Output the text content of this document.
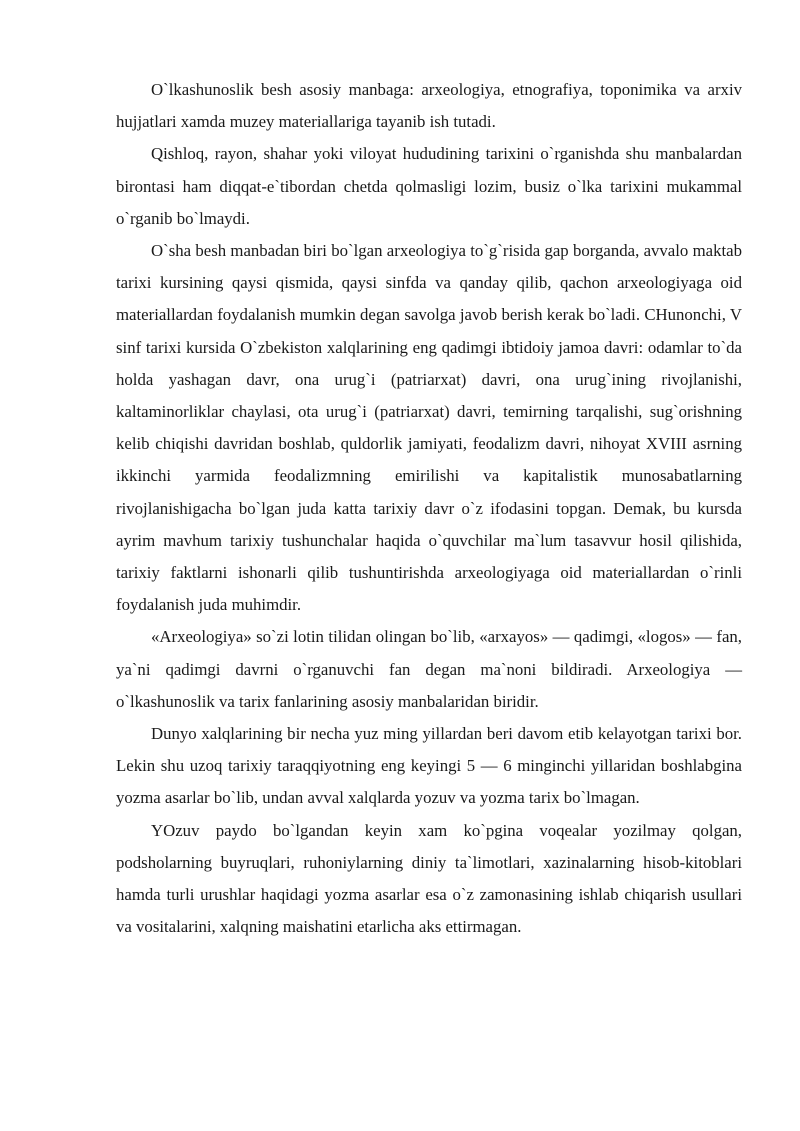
O`lkashunoslik besh asosiy manbaga: arxeologiya, etnografiya, toponimika va arxiv hujjatlari xamda muzey materiallariga tayanib ish tutadi.

Qishloq, rayon, shahar yoki viloyat hududining tarixini o`rganishda shu manbalardan birontasi ham diqqat-e`tibordan chetda qolmasligi lozim, busiz o`lka tarixini mukammal o`rganib bo`lmaydi.

O`sha besh manbadan biri bo`lgan arxeologiya to`g`risida gap borganda, avvalo maktab tarixi kursining qaysi qismida, qaysi sinfda va qanday qilib, qachon arxeologiyaga oid materiallardan foydalanish mumkin degan savolga javob berish kerak bo`ladi. CHunonchi, V sinf tarixi kursida O`zbekiston xalqlarining eng qadimgi ibtidoiy jamoa davri: odamlar to`da holda yashagan davr, ona urug`i (patriarxat) davri, ona urug`ining rivojlanishi, kaltaminorliklar chaylasi, ota urug`i (patriarxat) davri, temirning tarqalishi, sug`orishning kelib chiqishi davridan boshlab, quldorlik jamiyati, feodalizm davri, nihoyat XVIII asrning ikkinchi yarmida feodalizmning emirilishi va kapitalistik munosabatlarning rivojlanishigacha bo`lgan juda katta tarixiy davr o`z ifodasini topgan. Demak, bu kursda ayrim mavhum tarixiy tushunchalar haqida o`quvchilar ma`lum tasavvur hosil qilishida, tarixiy faktlarni ishonarli qilib tushuntirishda arxeologiyaga oid materiallardan o`rinli foydalanish juda muhimdir.

«Arxeologiya» so`zi lotin tilidan olingan bo`lib, «arxayos» — qadimgi, «logos» — fan, ya`ni qadimgi davrni o`rganuvchi fan degan ma`noni bildiradi. Arxeologiya — o`lkashunoslik va tarix fanlarining asosiy manbalaridan biridir.

Dunyo xalqlarining bir necha yuz ming yillardan beri davom etib kelayotgan tarixi bor. Lekin shu uzoq tarixiy taraqqiyotning eng keyingi 5 — 6 minginchi yillaridan boshlabgina yozma asarlar bo`lib, undan avval xalqlarda yozuv va yozma tarix bo`lmagan.

YOzuv paydo bo`lgandan keyin xam ko`pgina voqealar yozilmay qolgan, podsholarning buyruqlari, ruhoniylarning diniy ta`limotlari, xazinalarning hisob-kitoblari hamda turli urushlar haqidagi yozma asarlar esa o`z zamonasining ishlab chiqarish usullari va vositalarini, xalqning maishatini etarlicha aks ettirmagan.
